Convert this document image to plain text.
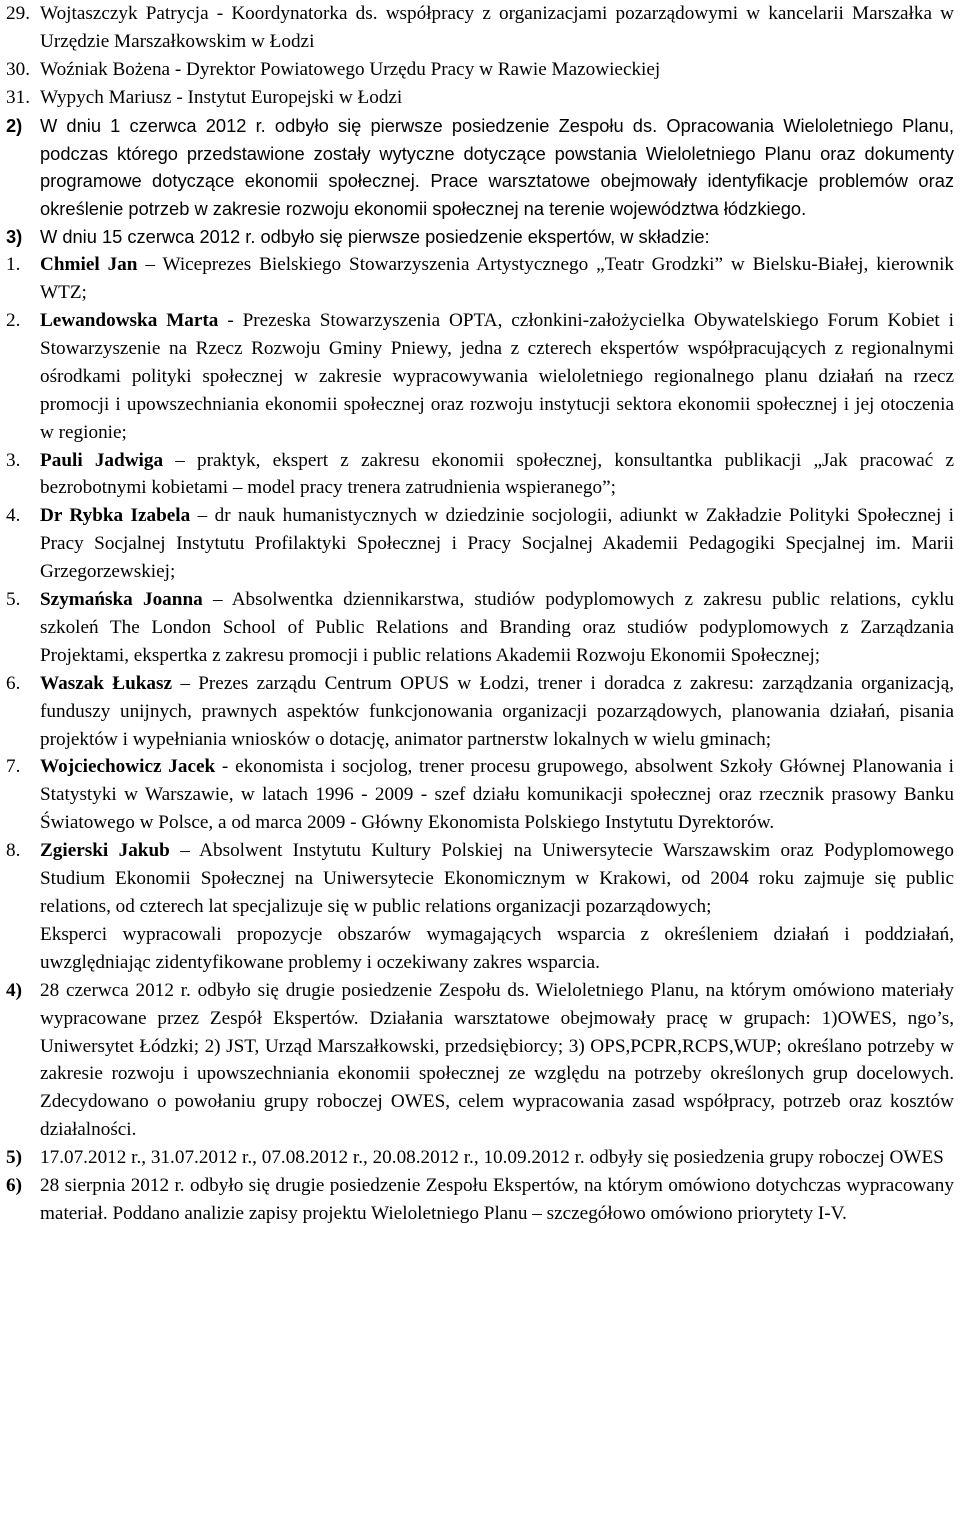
29. Wojtaszczyk Patrycja - Koordynatorka ds. współpracy z organizacjami pozarządowymi w kancelarii Marszałka w Urzędzie Marszałkowskim w Łodzi
30. Woźniak Bożena - Dyrektor Powiatowego Urzędu Pracy w Rawie Mazowieckiej
31. Wypych Mariusz - Instytut Europejski w Łodzi
2) W dniu 1 czerwca 2012 r. odbyło się pierwsze posiedzenie Zespołu ds. Opracowania Wieloletniego Planu, podczas którego przedstawione zostały wytyczne dotyczące powstania Wieloletniego Planu oraz dokumenty programowe dotyczące ekonomii społecznej. Prace warsztatowe obejmowały identyfikacje problemów oraz określenie potrzeb w zakresie rozwoju ekonomii społecznej na terenie województwa łódzkiego.
3) W dniu 15 czerwca 2012 r. odbyło się pierwsze posiedzenie ekspertów, w składzie:
1.	Chmiel Jan – Wiceprezes Bielskiego Stowarzyszenia Artystycznego „Teatr Grodzki” w Bielsku-Białej, kierownik WTZ;
2.	Lewandowska Marta - Prezeska Stowarzyszenia OPTA, członkini-założycielka Obywatelskiego Forum Kobiet i Stowarzyszenie na Rzecz Rozwoju Gminy Pniewy, jedna z czterech ekspertów współpracujących z regionalnymi ośrodkami polityki społecznej w zakresie wypracowywania wieloletniego regionalnego planu działań na rzecz promocji i upowszechniania ekonomii społecznej oraz rozwoju instytucji sektora ekonomii społecznej i jej otoczenia w regionie;
3.	Pauli Jadwiga – praktyk, ekspert z zakresu ekonomii społecznej, konsultantka publikacji „Jak pracować z bezrobotnymi kobietami – model pracy trenera zatrudnienia wspieranego”;
4.	Dr Rybka Izabela – dr nauk humanistycznych w dziedzinie socjologii, adiunkt w Zakładzie Polityki Społecznej i Pracy Socjalnej Instytutu Profilaktyki Społecznej i Pracy Socjalnej Akademii Pedagogiki Specjalnej im. Marii Grzegorzewskiej;
5.	Szymańska Joanna – Absolwentka dziennikarstwa, studiów podyplomowych z zakresu public relations, cyklu szkoleń The London School of Public Relations and Branding oraz studiów podyplomowych z Zarządzania Projektami, ekspertka z zakresu promocji i public relations Akademii Rozwoju Ekonomii Społecznej;
6.	Waszak Łukasz – Prezes zarządu Centrum OPUS w Łodzi, trener i doradca z zakresu: zarządzania organizacją, funduszy unijnych, prawnych aspektów funkcjonowania organizacji pozarządowych, planowania działań, pisania projektów i wypełniania wniosków o dotację, animator partnerstw lokalnych w wielu gminach;
7.	Wojciechowicz Jacek - ekonomista i socjolog, trener procesu grupowego, absolwent Szkoły Głównej Planowania i Statystyki w Warszawie, w latach 1996 - 2009 - szef działu komunikacji społecznej oraz rzecznik prasowy Banku Światowego w Polsce, a od marca 2009 - Główny Ekonomista Polskiego Instytutu Dyrektorów.
8.	Zgierski Jakub – Absolwent Instytutu Kultury Polskiej na Uniwersytecie Warszawskim oraz Podyplomowego Studium Ekonomii Społecznej na Uniwersytecie Ekonomicznym w Krakowi, od 2004 roku zajmuje się public relations, od czterech lat specjalizuje się w public relations organizacji pozarządowych;
Eksperci wypracowali propozycje obszarów wymagających wsparcia z określeniem działań i poddziałań, uwzględniając zidentyfikowane problemy i oczekiwany zakres wsparcia.
4) 28 czerwca 2012 r. odbyło się drugie posiedzenie Zespołu ds. Wieloletniego Planu, na którym omówiono materiały wypracowane przez Zespół Ekspertów. Działania warsztatowe obejmowały pracę w grupach: 1)OWES, ngo’s, Uniwersytet Łódzki; 2) JST, Urząd Marszałkowski, przedsiębiorcy; 3) OPS,PCPR,RCPS,WUP; określano potrzeby w zakresie rozwoju i upowszechniania ekonomii społecznej ze względu na potrzeby określonych grup docelowych. Zdecydowano o powołaniu grupy roboczej OWES, celem wypracowania zasad współpracy, potrzeb oraz kosztów działalności.
5) 17.07.2012 r., 31.07.2012 r., 07.08.2012 r., 20.08.2012 r., 10.09.2012 r. odbyły się posiedzenia grupy roboczej OWES
6) 28 sierpnia 2012 r. odbyło się drugie posiedzenie Zespołu Ekspertów, na którym omówiono dotychczas wypracowany materiał. Poddano analizie zapisy projektu Wieloletniego Planu – szczegółowo omówiono priorytety I-V.
